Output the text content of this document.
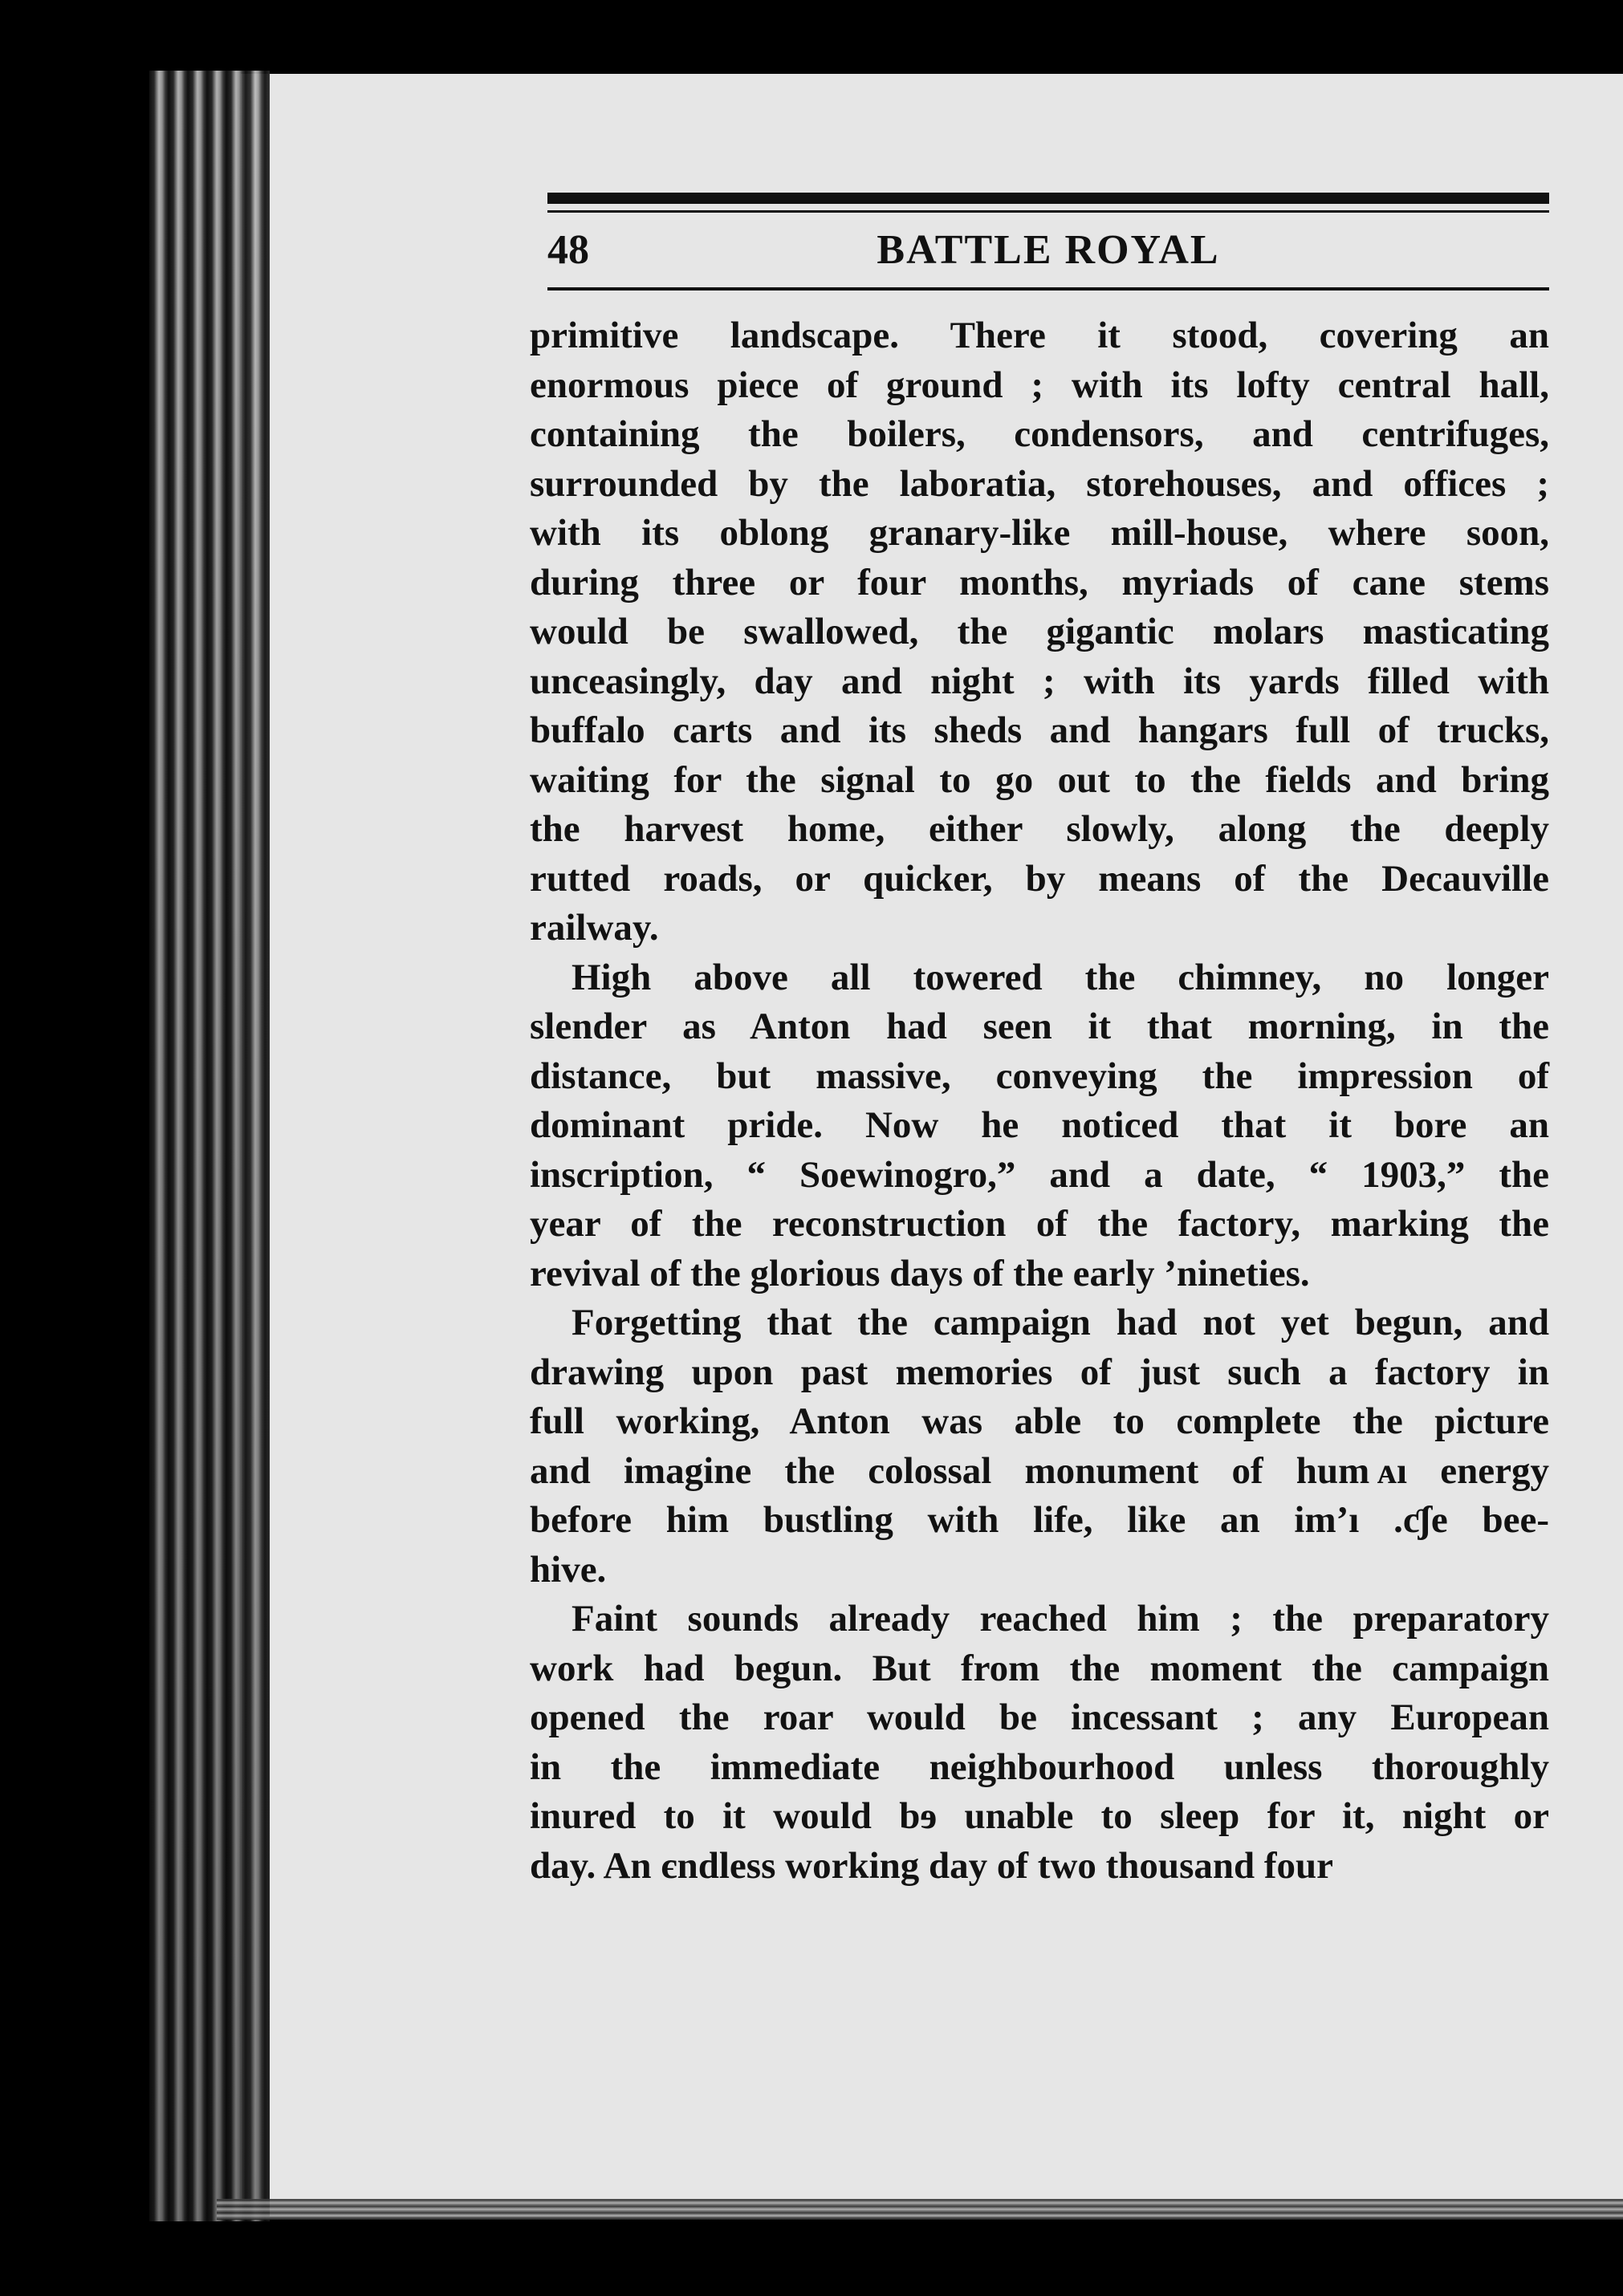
48	BATTLE ROYAL
primitive landscape. There it stood, covering an
enormous piece of ground ; with its lofty central hall,
containing the boilers, condensors, and centrifuges,
surrounded by the laboratia, storehouses, and offices ;
with its oblong granary-like mill-house, where soon,
during three or four months, myriads of cane stems
would be swallowed, the gigantic molars masticating
unceasingly, day and night ; with its yards filled with
buffalo carts and its sheds and hangars full of trucks,
waiting for the signal to go out to the fields and bring
the harvest home, either slowly, along the deeply
rutted roads, or quicker, by means of the Decauville
railway.
High above all towered the chimney, no longer
slender as Anton had seen it that morning, in the
distance, but massive, conveying the impression of
dominant pride. Now he noticed that it bore an
inscription, “ Soewinogro,” and a date, “ 1903,” the
year of the reconstruction of the factory, marking the
revival of the glorious days of the early ’nineties.
Forgetting that the campaign had not yet begun, and
drawing upon past memories of just such a factory in
full working, Anton was able to complete the picture
and imagine the colossal monument of hum ᴀı energy
before him bustling with life, like an imʼı .ƈʃe bee-
hive.
Faint sounds already reached him ; the preparatory
work had begun. But from the moment the campaign
opened the roar would be incessant ; any European
in the immediate neighbourhood unless thoroughly
inured to it would bɘ unable to sleep for it, night or
day. An єndless working day of two thousand four
